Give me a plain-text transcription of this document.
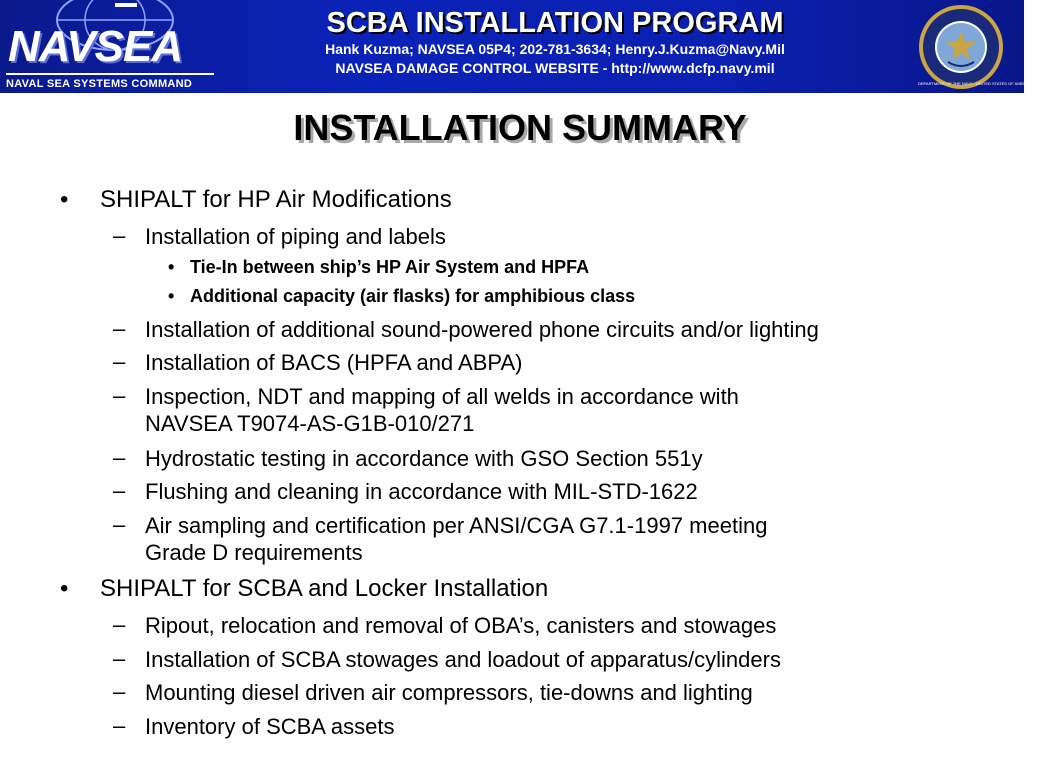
NAVSEA
NAVAL SEA SYSTEMS COMMAND
SCBA INSTALLATION PROGRAM
Hank Kuzma; NAVSEA 05P4; 202-781-3634; Henry.J.Kuzma@Navy.Mil
NAVSEA DAMAGE CONTROL WEBSITE - http://www.dcfp.navy.mil
DEPARTMENT OF THE NAVY · UNITED STATES OF AMERICA
INSTALLATION SUMMARY
• SHIPALT for HP Air Modifications
– Installation of piping and labels
• Tie-In between ship’s HP Air System and HPFA
• Additional capacity (air flasks) for amphibious class
– Installation of additional sound-powered phone circuits and/or lighting
– Installation of BACS (HPFA and ABPA)
– Inspection, NDT and mapping of all welds in accordance with
NAVSEA T9074-AS-G1B-010/271
– Hydrostatic testing in accordance with GSO Section 551y
– Flushing and cleaning in accordance with MIL-STD-1622
– Air sampling and certification per ANSI/CGA G7.1-1997 meeting
Grade D requirements
• SHIPALT for SCBA and Locker Installation
– Ripout, relocation and removal of OBA’s, canisters and stowages
– Installation of SCBA stowages and loadout of apparatus/cylinders
– Mounting diesel driven air compressors, tie-downs and lighting
– Inventory of SCBA assets
